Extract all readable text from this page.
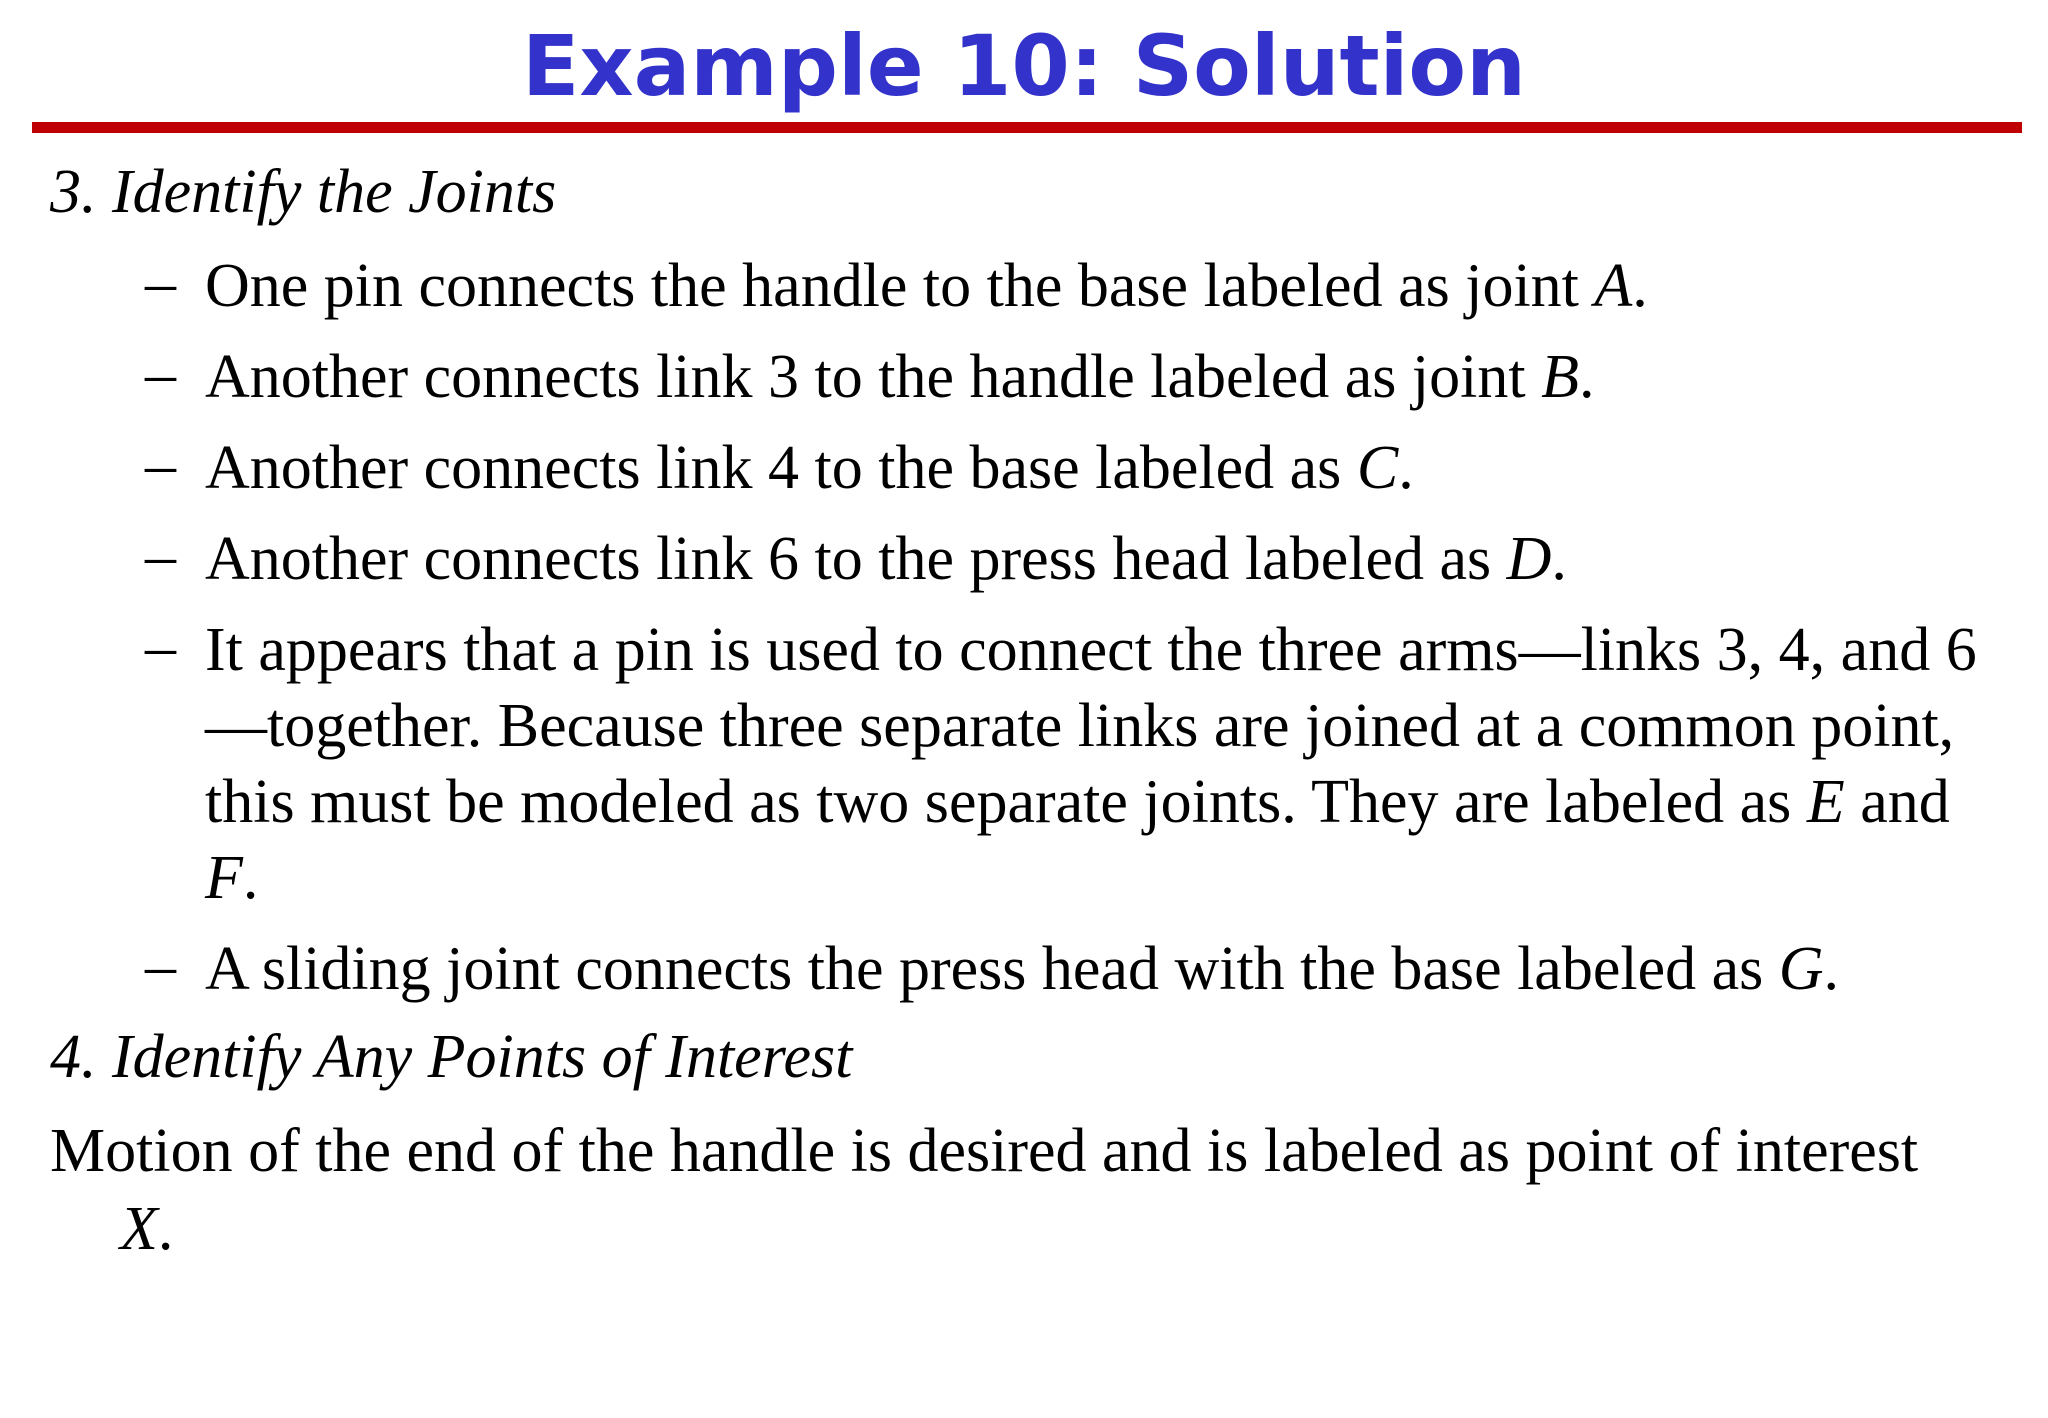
Example 10: Solution
3. Identify the Joints
– One pin connects the handle to the base labeled as joint A.
– Another connects link 3 to the handle labeled as joint B.
– Another connects link 4 to the base labeled as C.
– Another connects link 6 to the press head labeled as D.
– It appears that a pin is used to connect the three arms—links 3, 4, and 6—together. Because three separate links are joined at a common point, this must be modeled as two separate joints. They are labeled as E and F.
– A sliding joint connects the press head with the base labeled as G.
4. Identify Any Points of Interest
Motion of the end of the handle is desired and is labeled as point of interest
X.
